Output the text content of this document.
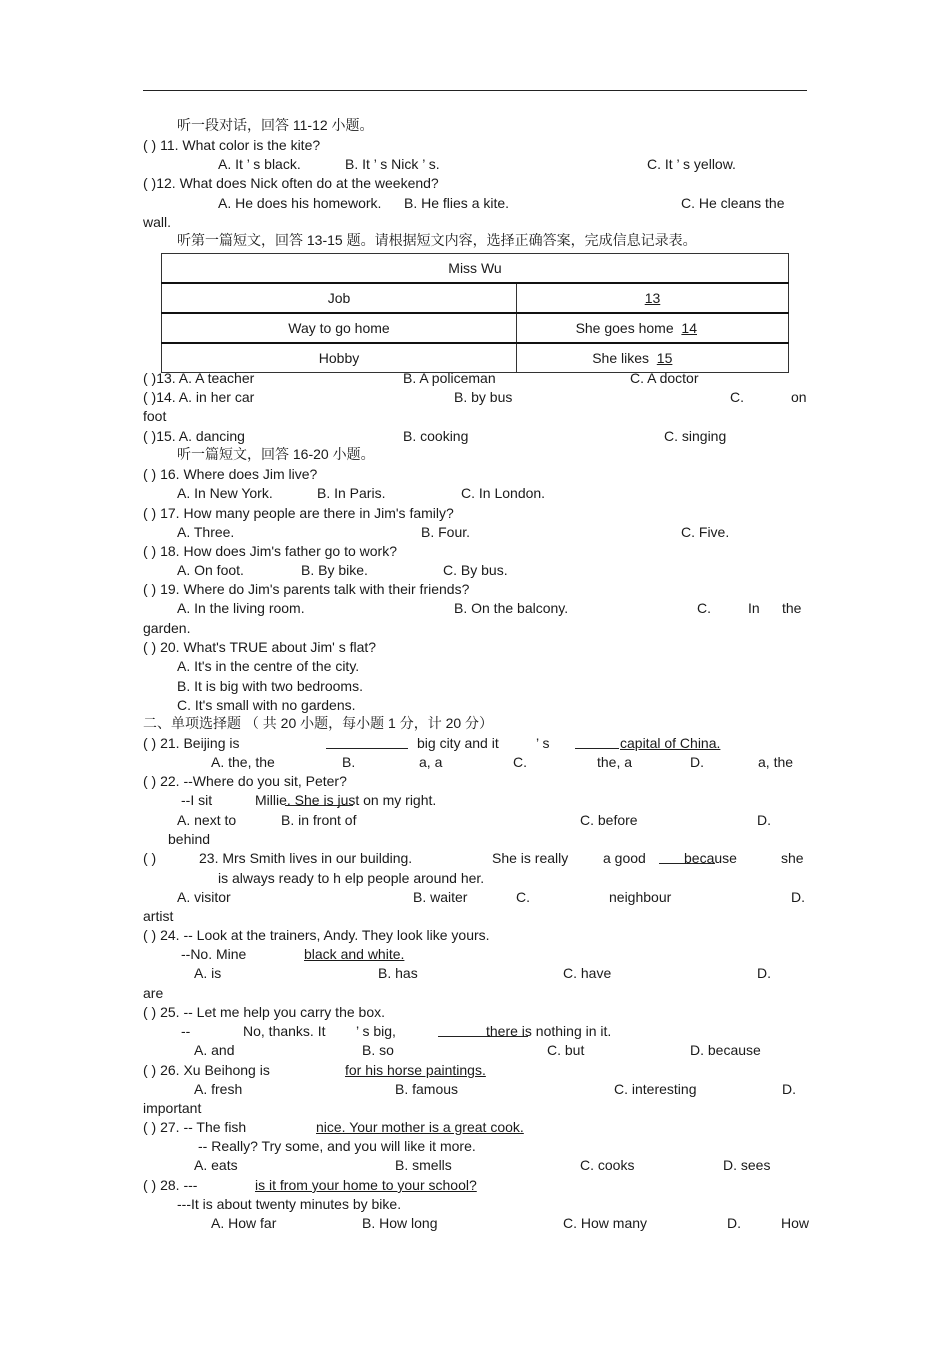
听一段对话，回答 11-12 小题。
( ) 11. What color is the kite?
A. It ’ s black.	B. It ’ s Nick ’ s.	C. It ’ s yellow.
( )12. What does Nick often do at the weekend?
A. He does his homework. B. He flies a kite.	C. He cleans the
wall.
听第一篇短文，回答 13-15 题。请根据短文内容，选择正确答案，完成信息记录表。
Miss Wu	
Job	13
Way to go home	She goes home 14
Hobby	She likes 15
( )13. A. A teacher	B. A policeman	C. A doctor
( )14. A. in her car	B. by bus	C.	on
foot
( )15. A. dancing	B. cooking	C. singing
听一篇短文，回答 16-20 小题。
( ) 16. Where does Jim live?
A. In New York.	B. In Paris.	C. In London.
( ) 17. How many people are there in Jim's family?
A. Three.	B. Four.	C. Five.
( ) 18. How does Jim's father go to work?
A. On foot.	B. By bike.	C. By bus.
( ) 19. Where do Jim's parents talk with their friends?
A. In the living room.	B. On the balcony.	C.	In the
garden.
( ) 20. What's TRUE about Jim' s flat?
A. It's in the centre of the city.
B. It is big with two bedrooms.
C. It's small with no gardens.
二、单项选择题 （ 共 20 小题，每小题 1 分，计 20 分）
( ) 21. Beijing is	big city and it	’ s	capital of China.
A. the, the	B.	a, a	C.	the, a	D.	a, the
( ) 22. --Where do you sit, Peter?
--I sit	Millie. She is just on my right.
A. next to	B. in front of	C. before	D.
behind
( )	23. Mrs Smith lives in our building.	She is really a good	because	she
is always ready to h elp people around her.
A. visitor	B. waiter	C.	neighbour	D.
artist
( ) 24. -- Look at the trainers, Andy. They look like yours.
--No. Mine	black and white.
A. is	B. has	C. have	D.
are
( ) 25. -- Let me help you carry the box.
--	No, thanks. It ’ s big,	there is nothing in it.
A. and	B. so	C. but	D. because
( ) 26. Xu Beihong is	for his horse paintings.
A. fresh	B. famous	C. interesting	D.
important
( ) 27. -- The fish	nice. Your mother is a great cook.
-- Really? Try some, and you will like it more.
A. eats	B. smells	C. cooks	D. sees
( ) 28. ---	is it from your home to your school?
---It is about twenty minutes by bike.
A. How far	B. How long	C. How many	D.	How
